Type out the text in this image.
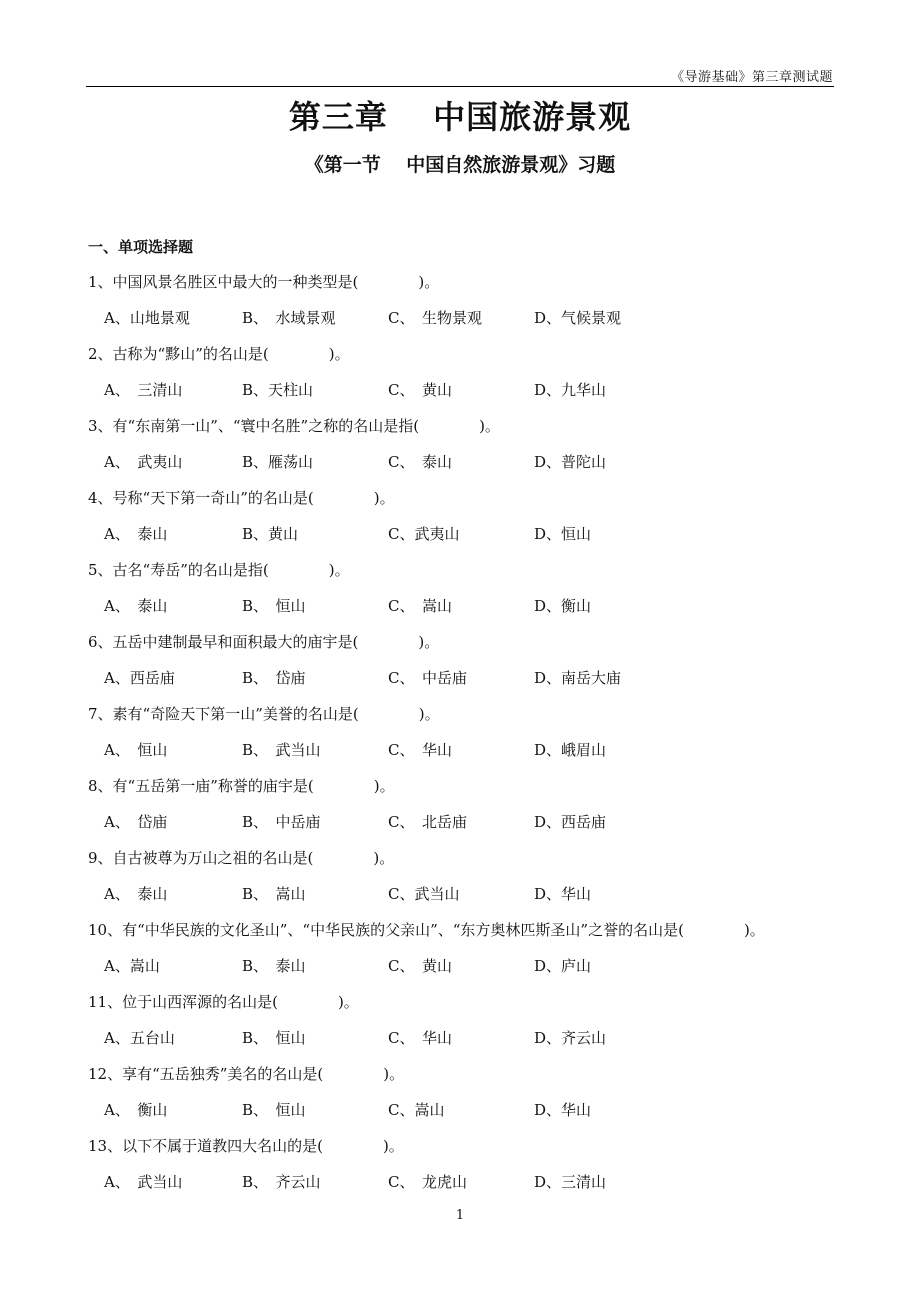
《导游基础》第三章测试题
第三章　 中国旅游景观
《第一节　 中国自然旅游景观》习题
一、单项选择题
1、中国风景名胜区中最大的一种类型是(　　　　)。
A、山地景观	B、　水域景观	C、　生物景观	D、气候景观
2、古称为“黟山”的名山是(　　　　)。
A、　三清山	B、天柱山	C、　黄山	D、九华山
3、有“东南第一山”、“寰中名胜”之称的名山是指(　　　　)。
A、　武夷山	B、雁荡山	C、　泰山	D、普陀山
4、号称“天下第一奇山”的名山是(　　　　)。
A、　泰山	B、黄山	C、武夷山	D、恒山
5、古名“寿岳”的名山是指(　　　　)。
A、　泰山	B、　恒山	C、　嵩山	D、衡山
6、五岳中建制最早和面积最大的庙宇是(　　　　)。
A、西岳庙	B、　岱庙	C、　中岳庙	D、南岳大庙
7、素有“奇险天下第一山”美誉的名山是(　　　　)。
A、　恒山	B、　武当山	C、　华山	D、峨眉山
8、有“五岳第一庙”称誉的庙宇是(　　　　)。
A、　岱庙	B、　中岳庙	C、　北岳庙	D、西岳庙
9、自古被尊为万山之祖的名山是(　　　　)。
A、　泰山	B、　嵩山	C、武当山	D、华山
10、有“中华民族的文化圣山”、“中华民族的父亲山”、“东方奥林匹斯圣山”之誉的名山是(　　　　)。
A、嵩山	B、　泰山	C、　黄山	D、庐山
11、位于山西浑源的名山是(　　　　)。
A、五台山	B、　恒山	C、　华山	D、齐云山
12、享有“五岳独秀”美名的名山是(　　　　)。
A、　衡山	B、　恒山	C、嵩山	D、华山
13、以下不属于道教四大名山的是(　　　　)。
A、　武当山	B、　齐云山	C、　龙虎山	D、三清山
1
